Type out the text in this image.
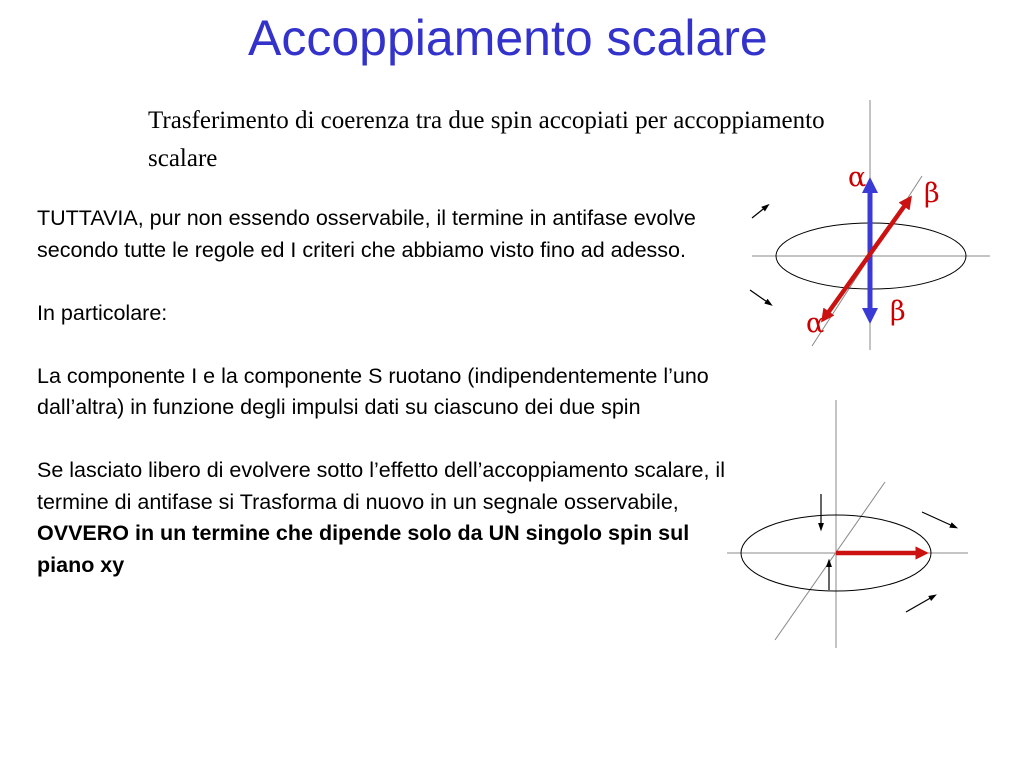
Accoppiamento scalare
Trasferimento di coerenza tra due spin accopiati per accoppiamento scalare

TUTTAVIA, pur non essendo osservabile, il termine in antifase evolve secondo tutte le regole ed I criteri che abbiamo visto fino ad adesso.

In particolare:

La componente I e la componente S ruotano (indipendentemente l’uno dall’altra) in funzione degli impulsi dati su ciascuno dei due spin

Se lasciato libero di evolvere sotto l’effetto dell’accoppiamento scalare, il termine di antifase si Trasforma di nuovo in un segnale osservabile, OVVERO in un termine che dipende solo da UN singolo spin sul piano xy

α
β
α β
